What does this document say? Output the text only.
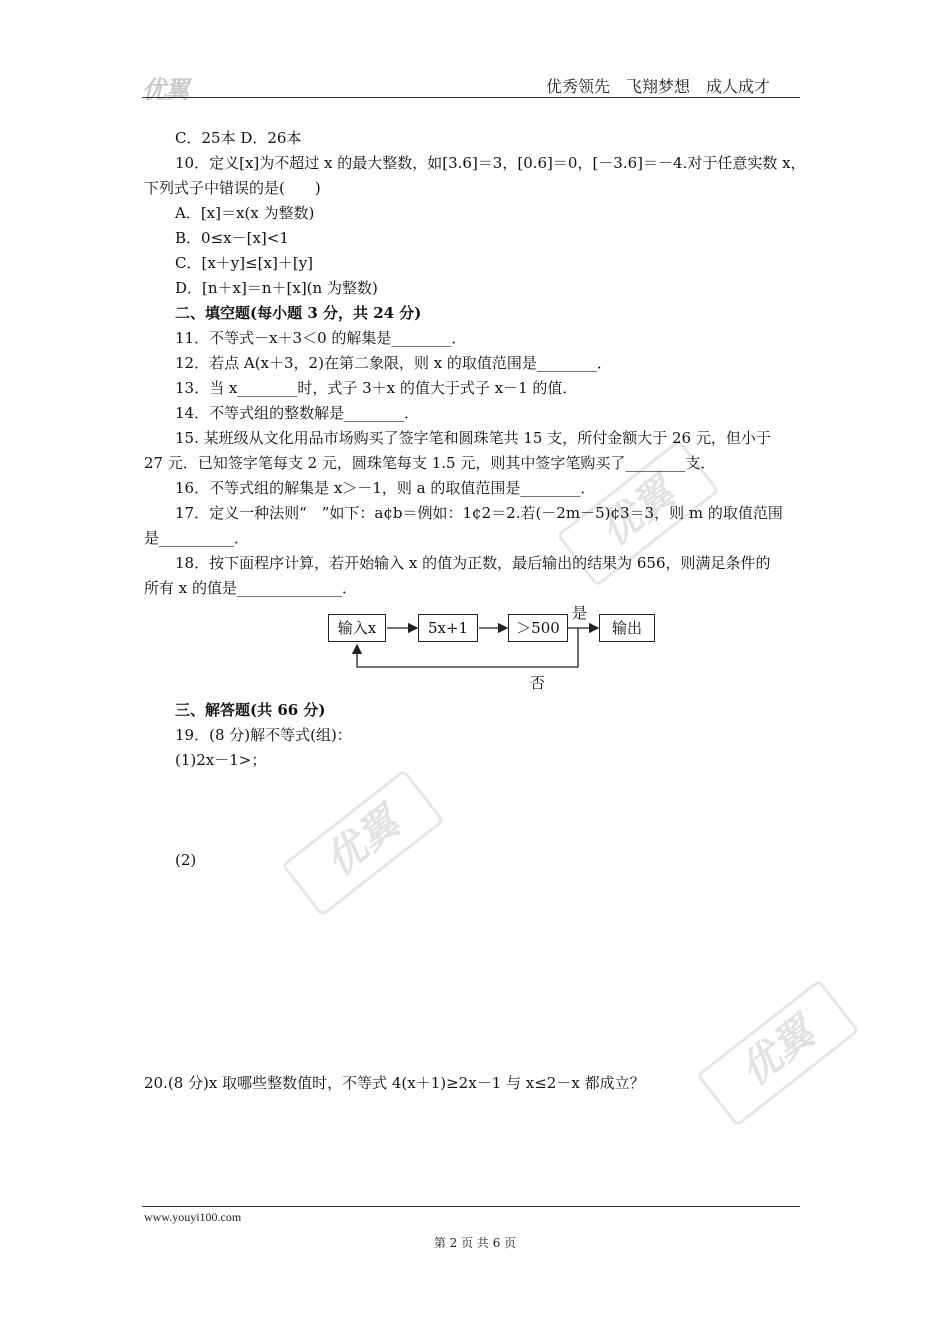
优翼	优秀领先　飞翔梦想　成人成才
优翼
优翼
优翼
C．25本 D．26本
10．定义[x]为不超过 x 的最大整数，如[3.6]＝3，[0.6]＝0，[－3.6]＝－4.对于任意实数 x，
下列式子中错误的是(　　)
A．[x]＝x(x 为整数)
B．0≤x－[x]<1
C．[x＋y]≤[x]＋[y]
D．[n＋x]＝n＋[x](n 为整数)
二、填空题(每小题 3 分，共 24 分)
11．不等式－x＋3＜0 的解集是________．
12．若点 A(x＋3，2)在第二象限，则 x 的取值范围是________．
13．当 x________时，式子 3＋x 的值大于式子 x－1 的值．
14．不等式组的整数解是________．
15. 某班级从文化用品市场购买了签字笔和圆珠笔共 15 支，所付金额大于 26 元，但小于
27 元．已知签字笔每支 2 元，圆珠笔每支 1.5 元，则其中签字笔购买了________支．
16．不等式组的解集是 x＞－1，则 a 的取值范围是________．
17．定义一种法则“　”如下：a¢b＝例如：1¢2＝2.若(－2m－5)¢3＝3，则 m 的取值范围
是__________．
18．按下面程序计算，若开始输入 x 的值为正数，最后输出的结果为 656，则满足条件的
所有 x 的值是______________．
输入x	5x+1	＞500	输出
是
否
三、解答题(共 66 分)
19．(8 分)解不等式(组)：
(1)2x－1>；
(2)
20.(8 分)x 取哪些整数值时，不等式 4(x＋1)≥2x－1 与 x≤2－x 都成立？
www.youyi100.com
第 2 页 共 6 页
